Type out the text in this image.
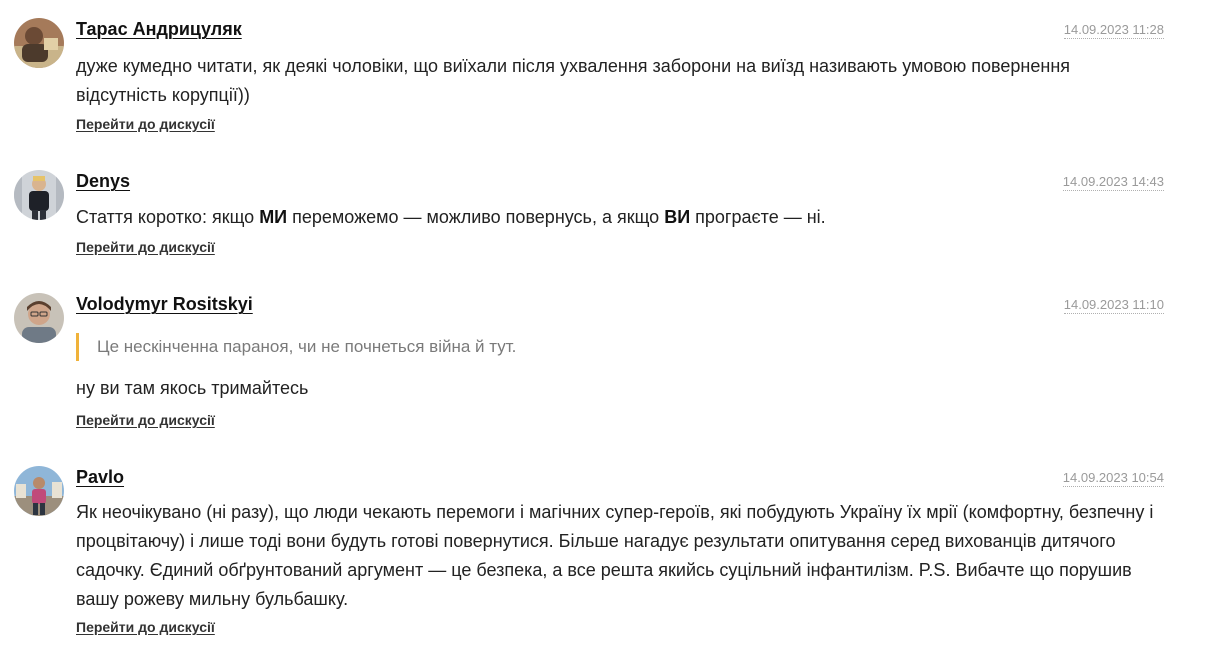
Тарас Андрицуляк	14.09.2023 11:28
дуже кумедно читати, як деякі чоловіки, що виїхали після ухвалення заборони на виїзд називають умовою повернення відсутність корупції))
Перейти до дискусії
Denys	14.09.2023 14:43
Стаття коротко: якщо МИ переможемо — можливо повернусь, а якщо ВИ програєте — ні.
Перейти до дискусії
Volodymyr Rositskyi	14.09.2023 11:10
Це нескінченна параноя, чи не почнеться війна й тут.
ну ви там якось тримайтесь
Перейти до дискусії
Pavlo	14.09.2023 10:54
Як неочікувано (ні разу), що люди чекають перемоги і магічних супер-героїв, які побудують Україну їх мрії (комфортну, безпечну і процвітаючу) і лише тоді вони будуть готові повернутися. Більше нагадує результати опитування серед вихованців дитячого садочку. Єдиний обґрунтований аргумент — це безпека, а все решта якийсь суцільний інфантилізм. P.S. Вибачте що порушив вашу рожеву мильну бульбашку.
Перейти до дискусії
